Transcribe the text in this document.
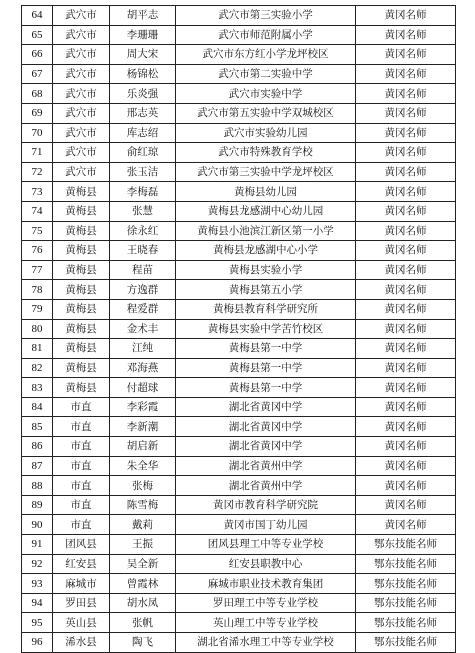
64	武穴市	胡平志	武穴市第三实验小学	黄冈名师
65	武穴市	李珊珊	武穴市师范附属小学	黄冈名师
66	武穴市	周大宋	武穴市东方红小学龙坪校区	黄冈名师
67	武穴市	杨锦松	武穴市第二实验中学	黄冈名师
68	武穴市	乐炎强	武穴市实验中学	黄冈名师
69	武穴市	邢志英	武穴市第五实验中学双城校区	黄冈名师
70	武穴市	库志绍	武穴市实验幼儿园	黄冈名师
71	武穴市	俞红琼	武穴市特殊教育学校	黄冈名师
72	武穴市	张玉洁	武穴市第三实验中学龙坪校区	黄冈名师
73	黄梅县	李梅磊	黄梅县幼儿园	黄冈名师
74	黄梅县	张慧	黄梅县龙感湖中心幼儿园	黄冈名师
75	黄梅县	徐永红	黄梅县小池滨江新区第一小学	黄冈名师
76	黄梅县	王晓春	黄梅县龙感湖中心小学	黄冈名师
77	黄梅县	程苗	黄梅县实验小学	黄冈名师
78	黄梅县	方逸群	黄梅县第五小学	黄冈名师
79	黄梅县	程爱群	黄梅县教育科学研究所	黄冈名师
80	黄梅县	金术丰	黄梅县实验中学苦竹校区	黄冈名师
81	黄梅县	江纯	黄梅县第一中学	黄冈名师
82	黄梅县	邓海燕	黄梅县第一中学	黄冈名师
83	黄梅县	付超球	黄梅县第一中学	黄冈名师
84	市直	李彩霞	湖北省黄冈中学	黄冈名师
85	市直	李新潮	湖北省黄冈中学	黄冈名师
86	市直	胡启新	湖北省黄冈中学	黄冈名师
87	市直	朱全华	湖北省黄州中学	黄冈名师
88	市直	张梅	湖北省黄州中学	黄冈名师
89	市直	陈雪梅	黄冈市教育科学研究院	黄冈名师
90	市直	戴莉	黄冈市国丁幼儿园	黄冈名师
91	团风县	王振	团风县理工中等专业学校	鄂东技能名师
92	红安县	吴全新	红安县职教中心	鄂东技能名师
93	麻城市	曾霞林	麻城市职业技术教育集团	鄂东技能名师
94	罗田县	胡水凤	罗田理工中等专业学校	鄂东技能名师
95	英山县	张帆	英山理工中等专业学校	鄂东技能名师
96	浠水县	陶飞	湖北省浠水理工中等专业学校	鄂东技能名师
